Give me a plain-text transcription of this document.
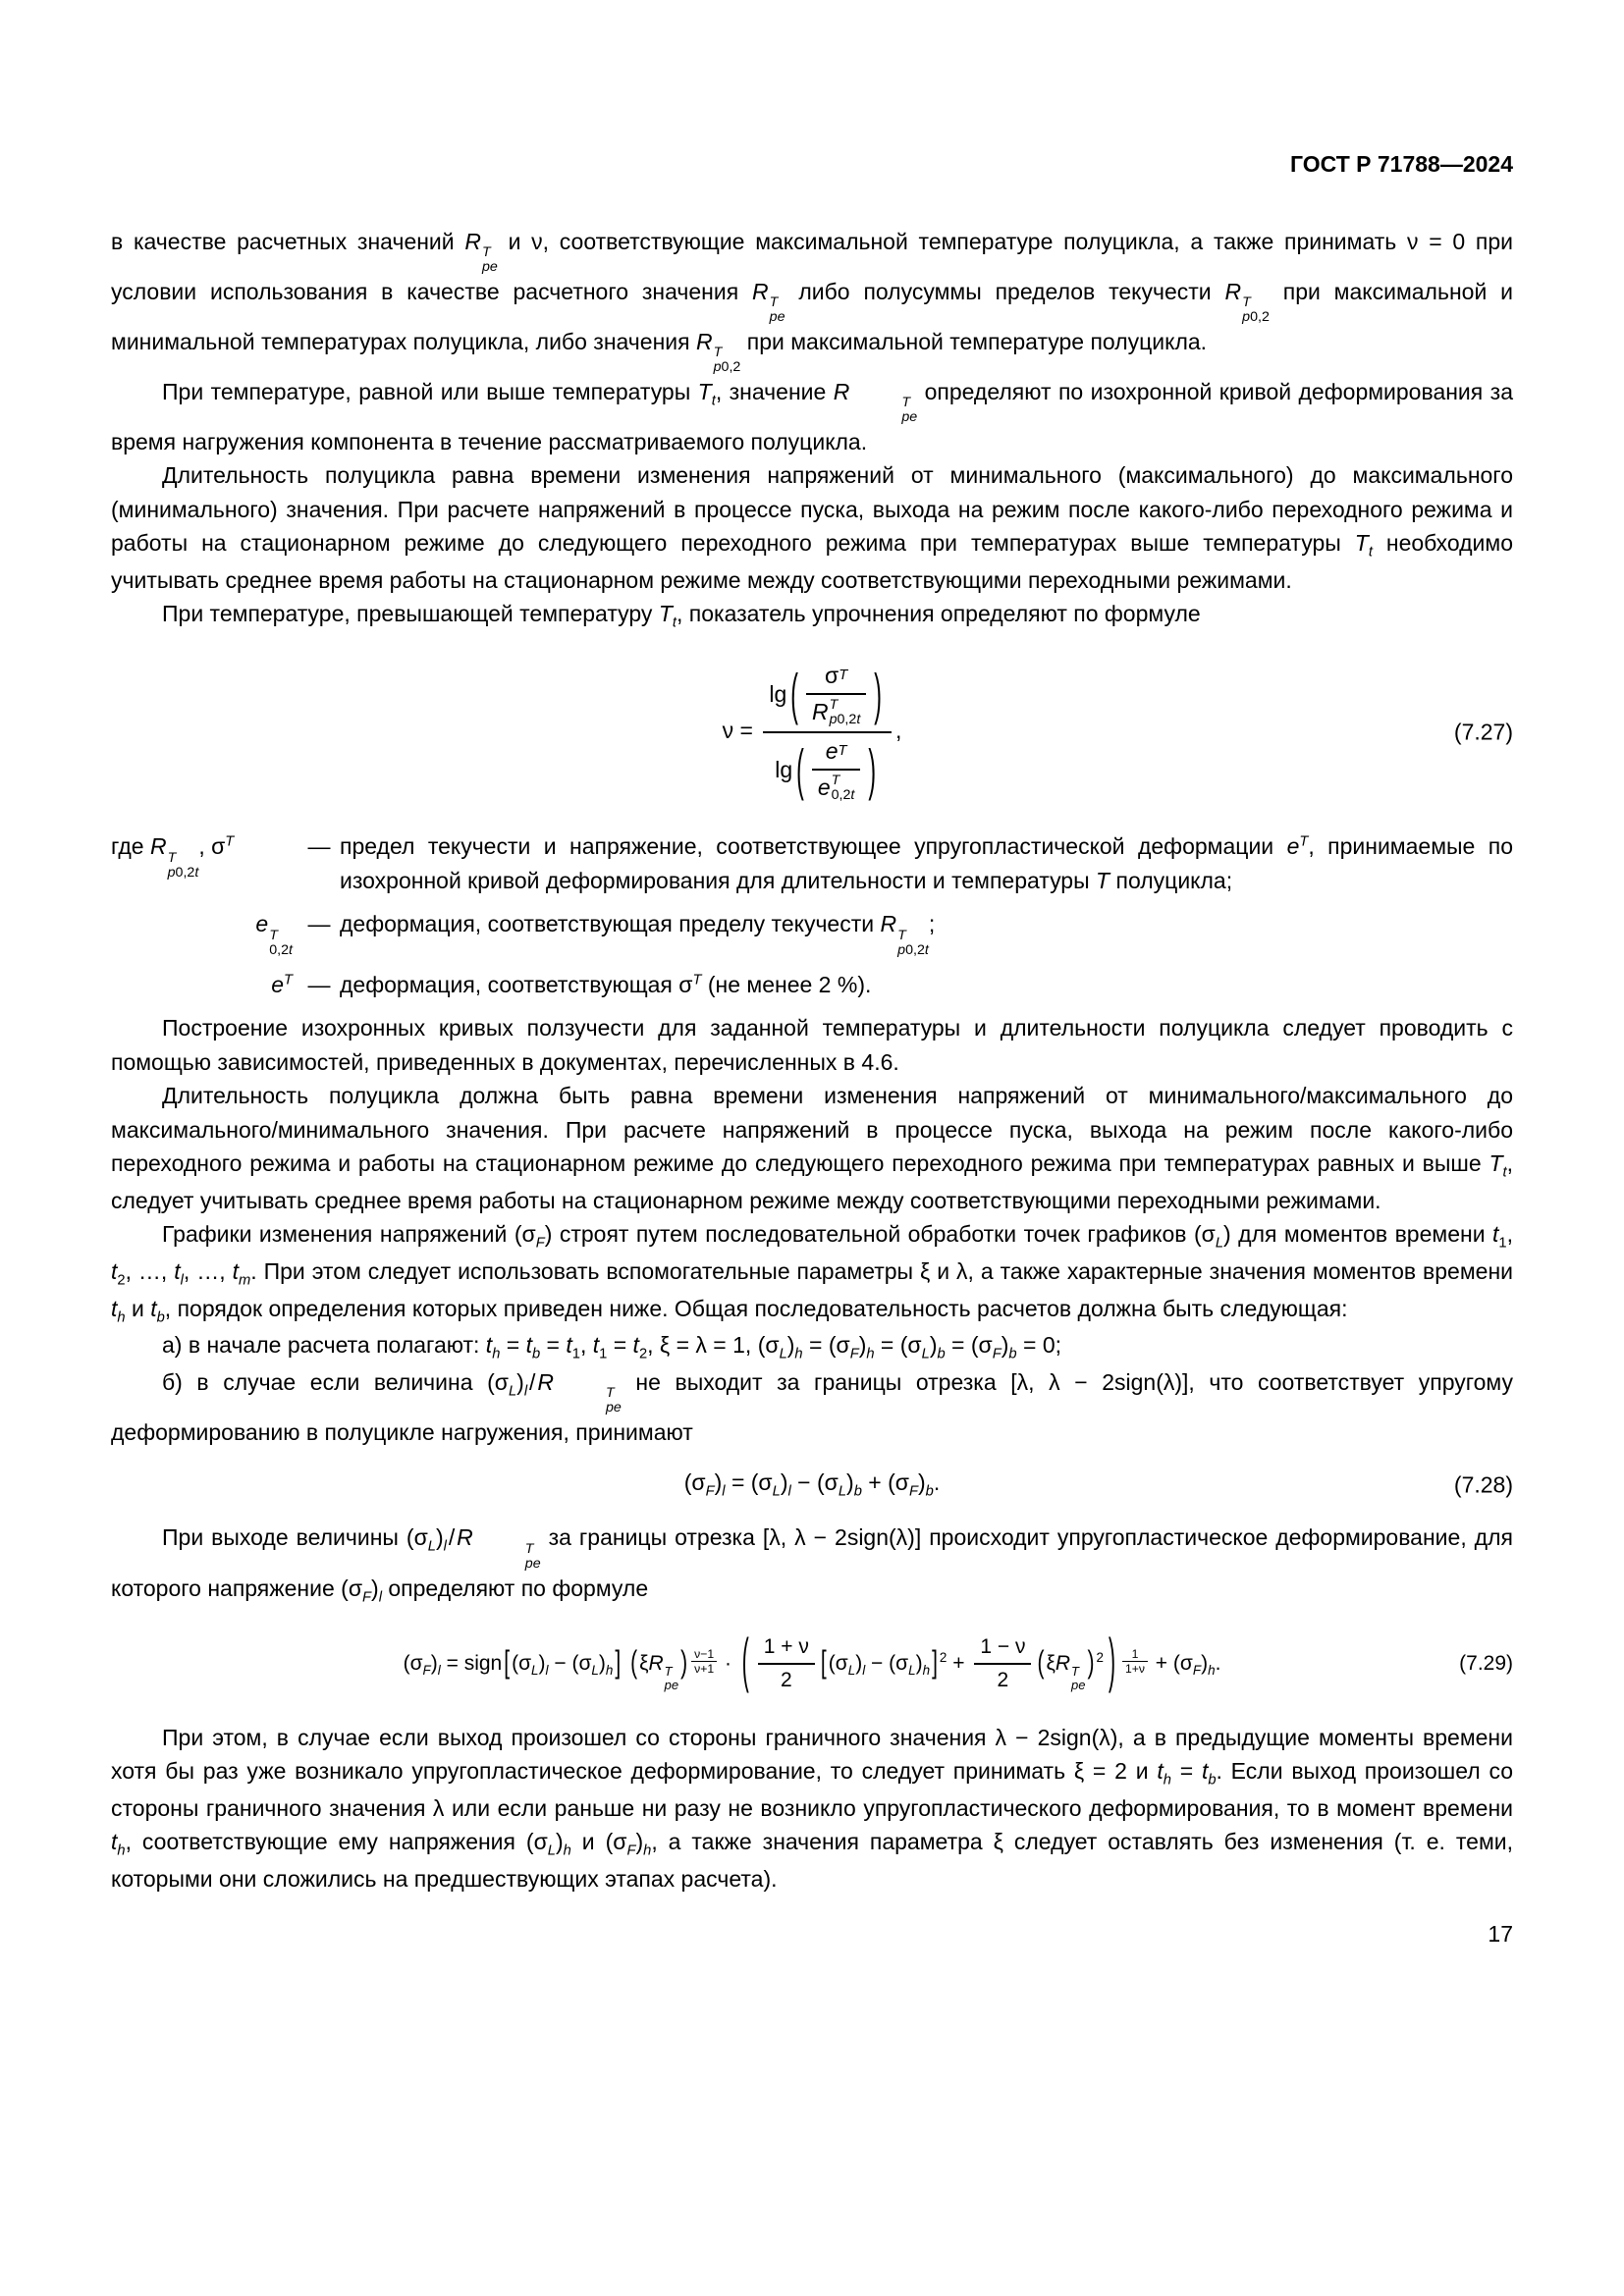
ГОСТ Р 71788—2024

в качестве расчетных значений R T
pe
и ν, соответствующие максимальной температуре полуцикла, а также принимать ν = 0 при условии использования в качестве расчетного значения R T
pe
либо полусуммы пределов текучести R T
p0,2
при максимальной и минимальной температурах полуцикла, либо значения R T
p0,2
при максимальной температуре полуцикла.

При температуре, равной или выше температуры $T_t$, значение R	T
pe
определяют по изохронной кривой деформирования за время нагружения компонента в течение рассматриваемого полуцикла.

Длительность полуцикла равна времени изменения напряжений от минимального (максимального) до максимального (минимального) значения. При расчете напряжений в процессе пуска, выхода на режим после какого-либо переходного режима и работы на стационарном режиме до следующего переходного режима при температурах выше температуры $T_t$ необходимо учитывать среднее время работы на стационарном режиме между соответствующими переходными режимами.

При температуре, превышающей температуру $T_t$, показатель упрочнения определяют по формуле

ν = lg ( σ T
R T
p0,2t )
lg ( e T
e T
0,2t ) ,	(7.27)
где R T
p0,2t
, $\sigma^T$	— предел текучести и напряжение, соответствующее упругопластической деформации $e^T$, принимаемые по изохронной кривой деформирования для длительности и температуры T полуцикла;
e T
0,2t
— деформация, соответствующая пределу текучести R T
p0,2t
;
$e^T$ — деформация, соответствующая $\sigma^T$ (не менее 2 %).

Построение изохронных кривых ползучести для заданной температуры и длительности полуцикла следует проводить с помощью зависимостей, приведенных в документах, перечисленных в 4.6.

Длительность полуцикла должна быть равна времени изменения напряжений от минимального/максимального до максимального/минимального значения. При расчете напряжений в процессе пуска, выхода на режим после какого-либо переходного режима и работы на стационарном режиме до следующего переходного режима при температурах равных и выше $T_t$, следует учитывать среднее время работы на стационарном режиме между соответствующими переходными режимами.

Графики изменения напряжений $(\sigma_F)$ строят путем последовательной обработки точек графиков $(\sigma_L)$ для моментов времени $t_1$, $t_2$, …, $t_l$, …, $t_m$. При этом следует использовать вспомогательные параметры ξ и λ, а также характерные значения моментов времени $t_h$ и $t_b$, порядок определения которых приведен ниже. Общая последовательность расчетов должна быть следующая:

а) в начале расчета полагают: $t_h = t_b = t_1$, $t_1 = t_2$, ξ = λ = 1, $(\sigma_L)_h = (\sigma_F)_h = (\sigma_L)_b = (\sigma_F)_b = 0$;

б) в случае если величина $(\sigma_L)_l$ / R	T
pe
не выходит за границы отрезка [λ, λ − 2sign(λ)], что соответствует упругому деформированию в полуцикле нагружения, принимают

$(\sigma_F)_l = (\sigma_L)_l - (\sigma_L)_b + (\sigma_F)_b$.	(7.28)

При выходе величины $(\sigma_L)_l$ / R	T
pe
за границы отрезка [λ, λ − 2sign(λ)] происходит упругопластическое деформирование, для которого напряжение $(\sigma_F)_l$ определяют по формуле

$(\sigma_F)_l$ = $sign[(\sigma_L)_l - (\sigma_L)_h]$ (ξR T
pe
) $\frac{\nu-1}{\nu+1}$ · ( $\frac{1 + \nu}{2} [(\sigma_L)_l - (\sigma_L)_h] ^2 + \frac{1 - \nu}{2} (\xi R$ T
pe
) $^2$ ) $\frac{1}{1+\nu} + (\sigma_F)_h$.	(7.29)

При этом, в случае если выход произошел со стороны граничного значения λ − 2sign(λ), а в предыдущие моменты времени хотя бы раз уже возникало упругопластическое деформирование, то следует принимать ξ = 2 и $t_h = t_b$. Если выход произошел со стороны граничного значения λ или если раньше ни разу не возникло упругопластического деформирования, то в момент времени $t_h$, соответствующие ему напряжения $(\sigma_L)_h$ и $(\sigma_F)_h$, а также значения параметра ξ следует оставлять без изменения (т. е. теми, которыми они сложились на предшествующих этапах расчета).

17
